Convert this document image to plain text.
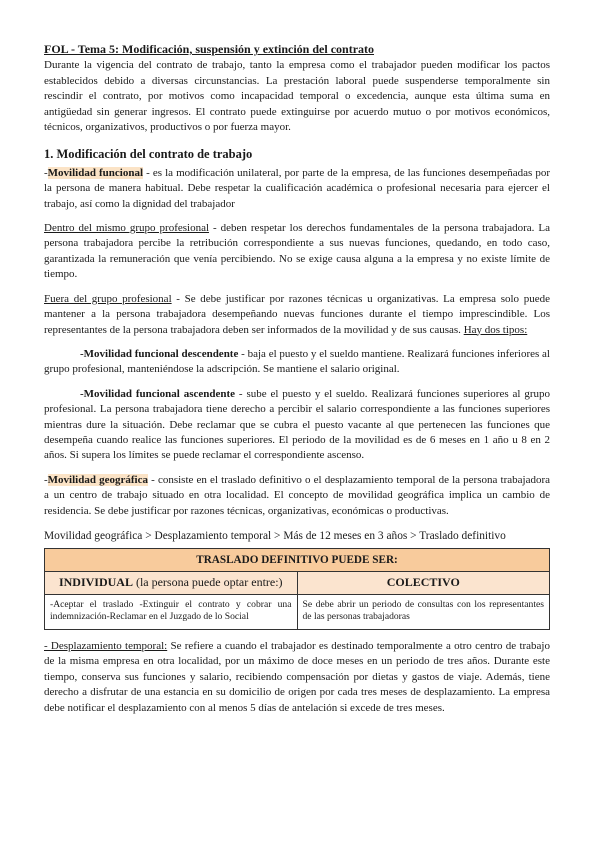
FOL - Tema 5: Modificación, suspensión y extinción del contrato

Durante la vigencia del contrato de trabajo, tanto la empresa como el trabajador pueden modificar los pactos establecidos debido a diversas circunstancias. La prestación laboral puede suspenderse temporalmente sin rescindir el contrato, por motivos como incapacidad temporal o excedencia, aunque esta última suma en antigüedad sin generar ingresos. El contrato puede extinguirse por acuerdo mutuo o por motivos económicos, técnicos, organizativos, productivos o por fuerza mayor.

1. Modificación del contrato de trabajo

-Movilidad funcional - es la modificación unilateral, por parte de la empresa, de las funciones desempeñadas por la persona de manera habitual. Debe respetar la cualificación académica o profesional necesaria para ejercer el trabajo, así como la dignidad del trabajador

Dentro del mismo grupo profesional - deben respetar los derechos fundamentales de la persona trabajadora. La persona trabajadora percibe la retribución correspondiente a sus nuevas funciones, quedando, en todo caso, garantizada la remuneración que venía percibiendo. No se exige causa alguna a la empresa y no existe límite de tiempo.

Fuera del grupo profesional - Se debe justificar por razones técnicas u organizativas. La empresa solo puede mantener a la persona trabajadora desempeñando nuevas funciones durante el tiempo imprescindible. Los representantes de la persona trabajadora deben ser informados de la movilidad y de sus causas. Hay dos tipos:

-Movilidad funcional descendente - baja el puesto y el sueldo mantiene. Realizará funciones inferiores al grupo profesional, manteniéndose la adscripción. Se mantiene el salario original.

-Movilidad funcional ascendente - sube el puesto y el sueldo. Realizará funciones superiores al grupo profesional. La persona trabajadora tiene derecho a percibir el salario correspondiente a las funciones superiores mientras dure la situación. Debe reclamar que se cubra el puesto vacante al que pertenecen las funciones que desempeña cuando realice las funciones superiores. El periodo de la movilidad es de 6 meses en 1 año u 8 en 2 años. Si supera los límites se puede reclamar el correspondiente ascenso.

-Movilidad geográfica - consiste en el traslado definitivo o el desplazamiento temporal de la persona trabajadora a un centro de trabajo situado en otra localidad. El concepto de movilidad geográfica implica un cambio de residencia. Se debe justificar por razones técnicas, organizativas, económicas o productivas.

Movilidad geográfica > Desplazamiento temporal > Más de 12 meses en 3 años > Traslado definitivo

TRASLADO DEFINITIVO PUEDE SER:	
INDIVIDUAL (la persona puede optar entre:)	COLECTIVO
-Aceptar el traslado -Extinguir el contrato y cobrar una indemnización-Reclamar en el Juzgado de lo Social	Se debe abrir un periodo de consultas con los representantes de las personas trabajadoras

- Desplazamiento temporal: Se refiere a cuando el trabajador es destinado temporalmente a otro centro de trabajo de la misma empresa en otra localidad, por un máximo de doce meses en un periodo de tres años. Durante este tiempo, conserva sus funciones y salario, recibiendo compensación por dietas y gastos de viaje. Además, tiene derecho a disfrutar de una estancia en su domicilio de origen por cada tres meses de desplazamiento. La empresa debe notificar el desplazamiento con al menos 5 días de antelación si excede de tres meses.
